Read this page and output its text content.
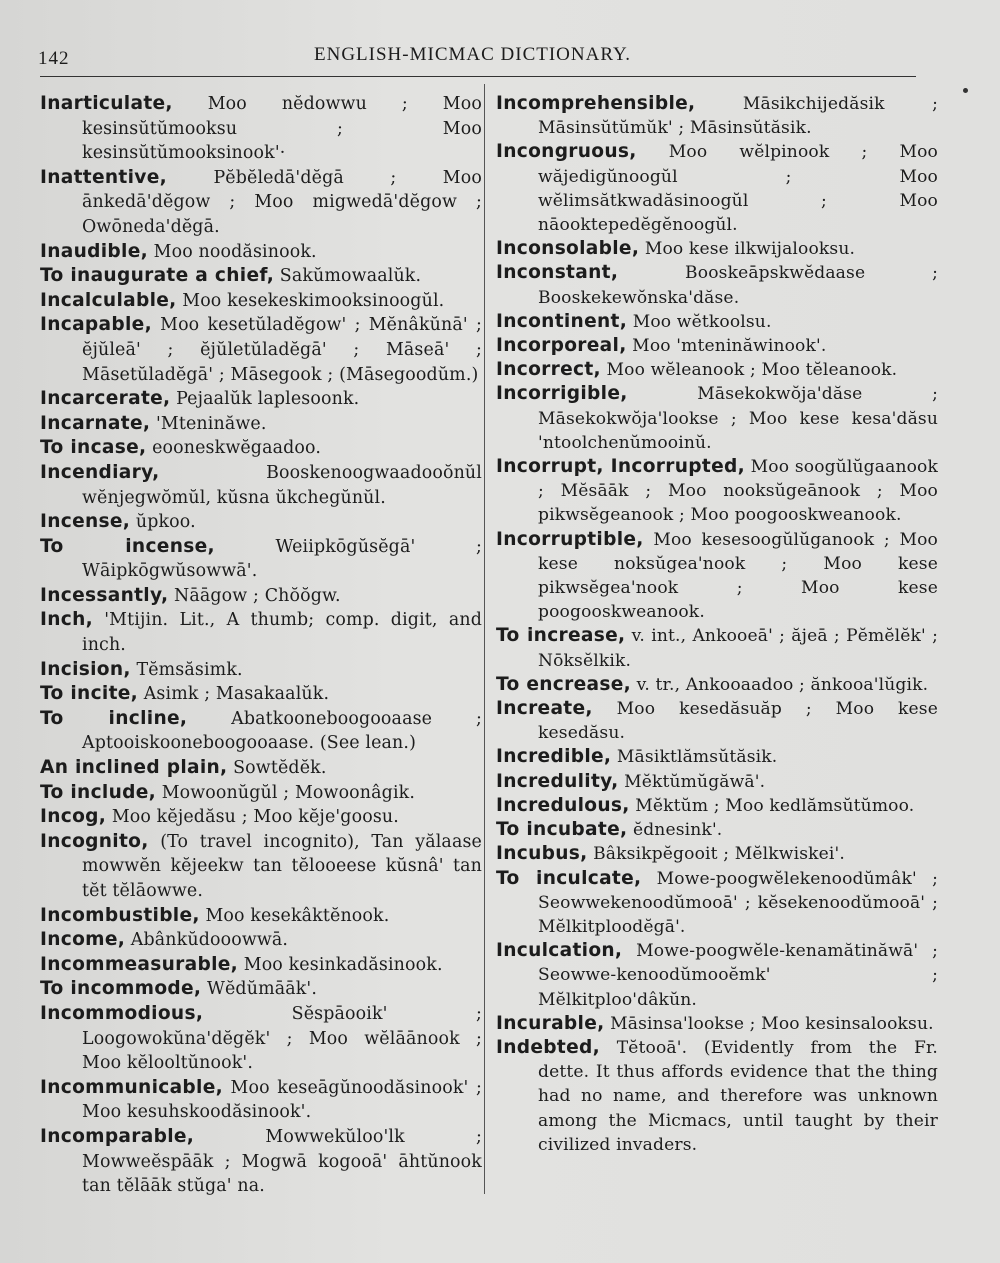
142	ENGLISH-MICMAC DICTIONARY.

Inarticulate, Moo nĕdowwu ; Moo kesinsŭtŭmooksu ; Moo kesinsŭtŭmooksinook'·

Inattentive,	Pĕbĕledā'dĕgā ; Moo ānkedā'dĕgow ; Moo migwedā'dĕgow ; Owōneda'dĕgā.

Inaudible, Moo noodăsinook.

To inaugurate a chief, Sakŭmowaalŭk.

Incalculable, Moo kesekeskimooksinoogŭl.

Incapable, Moo kesetŭladĕgow' ; Mĕnâkŭnā' ; ĕjŭleā' ; ĕjŭletŭladĕgā' ; Māseā' ; Māsetŭladĕgā' ; Māsegook ; (Māsegoodŭm.)

Incarcerate, Pejaalŭk laplesoonk.

Incarnate, 'Mteninăwe.

To incase, eooneskwĕgaadoo.

Incendiary,	Booskenoogwaadooŏnŭl wĕnjegwŏmŭl, kŭsna ŭkchegŭnŭl.

Incense, ŭpkoo.

To incense,	Weiipkōgŭsĕgā' ; Wāipkōgwŭsowwā'.

Incessantly, Nāāgow ; Chŏŏgw.

Inch, 'Mtijin. Lit., A thumb; comp. digit, and inch.

Incision, Tĕmsăsimk.

To incite, Asimk ; Masakaalŭk.

To incline,	Abatkooneboogooaase ; Aptooiskooneboogooaase. (See lean.)

An inclined plain, Sowtĕdĕk.

To include, Mowoonŭgŭl ; Mowoonâgik.

Incog, Moo kĕjedăsu ; Moo kĕje'goosu.

Incognito, (To travel incognito), Tan yălaase mowwĕn kĕjeekw tan tĕlooeese kŭsnâ' tan tĕt tĕlāowwe.

Incombustible, Moo kesekâktĕnook.

Income, Abânkŭdooowwā.

Incommeasurable, Moo kesinkadăsinook.

To incommode, Wĕdŭmāāk'.

Incommodious,	Sĕspāooik' ; Loogowokŭna'dĕgĕk' ; Moo wĕlāānook ; Moo kĕlooltŭnook'.

Incommunicable, Moo keseāgŭnoodăsinook' ; Moo kesuhskoodăsinook'.

Incomparable,	Mowwekŭloo'lk ; Mowweĕspāāk ; Mogwā kogooā' āhtŭnook tan tĕlāāk stŭga' na.

Incomprehensible,	Māsikchijedăsik ; Māsinsŭtŭmŭk' ; Māsinsŭtăsik.

Incongruous, Moo wĕlpinook ; Moo wăjedigŭnoogŭl ; Moo wĕlimsătkwadăsinoogŭl ; Moo nāooktepedĕgĕnoogŭl.

Inconsolable, Moo kese ilkwijalooksu.

Inconstant,	Booskeāpskwĕdaase ; Booskekewŏnska'dăse.

Incontinent, Moo wĕtkoolsu.

Incorporeal, Moo 'mteninăwinook'.

Incorrect, Moo wĕleanook ; Moo tĕleanook.

Incorrigible,	Māsekokwŏja'dăse ; Māsekokwŏja'lookse ; Moo kese kesa'dăsu 'ntoolchenŭmooinŭ.

Incorrupt, Incorrupted, Moo soogŭlŭgaanook ; Mĕsāāk ; Moo nooksŭgeānook ; Moo pikwsĕgeanook ; Moo poogooskweanook.

Incorruptible, Moo kesesoogŭlŭganook ; Moo kese noksŭgea'nook ; Moo kese pikwsĕgea'nook ; Moo kese poogooskweanook.

To increase, v. int., Ankooeā' ; ăjeā ; Pĕmĕlĕk' ; Nōksĕlkik.

To encrease, v. tr., Ankooaadoo ; ănkooa'lŭgik.

Increate, Moo kesedăsuăp ; Moo kese kesedăsu.

Incredible, Māsiktlămsŭtăsik.

Incredulity, Mĕktŭmŭgăwā'.

Incredulous, Mĕktŭm ; Moo kedlămsŭtŭmoo.

To incubate, ĕdnesink'.

Incubus, Bâksikpĕgooit ; Mĕlkwiskei'.

To inculcate, Mowe-poogwĕlekenoodŭmâk' ; Seowwekenoodŭmooā' ; kĕsekenoodŭmooā' ; Mĕlkitploodĕgā'.

Inculcation, Mowe-poogwĕle-kenamătinăwā' ; Seowwe-kenoodŭmooĕmk' ; Mĕlkitploo'dâkŭn.

Incurable, Māsinsa'lookse ; Moo kesinsalooksu.

Indebted, Tĕtooā'. (Evidently from the Fr. dette. It thus affords evidence that the thing had no name, and therefore was unknown among the Micmacs, until taught by their civilized invaders.
